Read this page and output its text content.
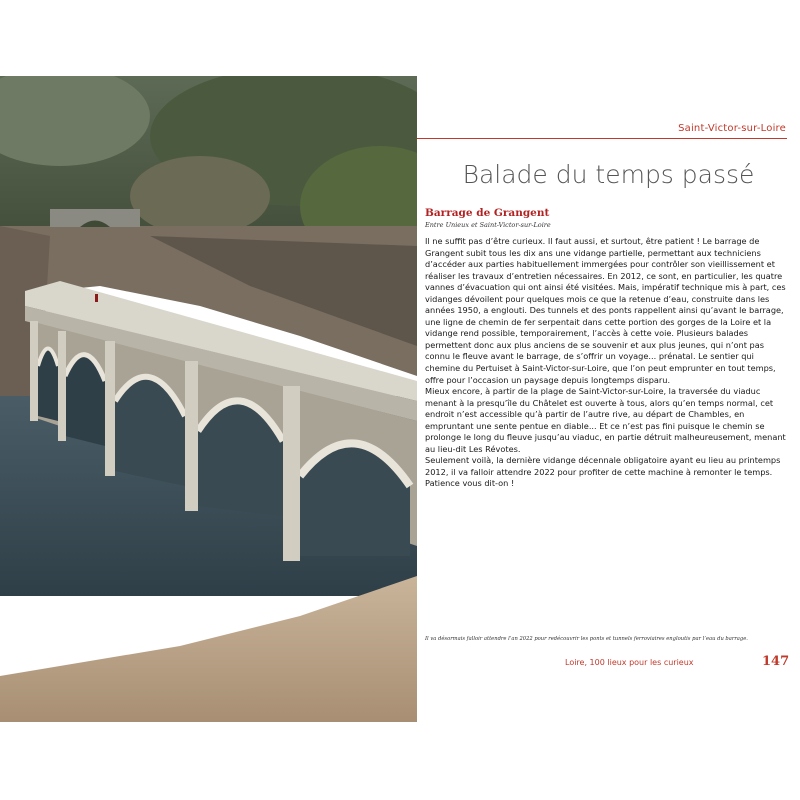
Saint-Victor-sur-Loire
Balade du temps passé
Barrage de Grangent
Entre Unieux et Saint-Victor-sur-Loire

Il ne suffit pas d’être curieux. Il faut aussi, et surtout, être patient ! Le barrage de Grangent subit tous les dix ans une vidange partielle, permettant aux techniciens d’accéder aux parties habituellement immergées pour contrôler son vieillissement et réaliser les travaux d’entretien nécessaires. En 2012, ce sont, en particulier, les quatre vannes d’évacuation qui ont ainsi été visitées. Mais, impératif technique mis à part, ces vidanges dévoilent pour quelques mois ce que la retenue d’eau, construite dans les années 1950, a englouti. Des tunnels et des ponts rappellent ainsi qu’avant le barrage, une ligne de chemin de fer serpentait dans cette portion des gorges de la Loire et la vidange rend possible, temporairement, l’accès à cette voie. Plusieurs balades permettent donc aux plus anciens de se souvenir et aux plus jeunes, qui n’ont pas connu le fleuve avant le barrage, de s’offrir un voyage... prénatal. Le sentier qui chemine du Pertuiset à Saint-Victor-sur-Loire, que l’on peut emprunter en tout temps, offre pour l’occasion un paysage depuis longtemps disparu.

Mieux encore, à partir de la plage de Saint-Victor-sur-Loire, la traversée du viaduc menant à la presqu’île du Châtelet est ouverte à tous, alors qu’en temps normal, cet endroit n’est accessible qu’à partir de l’autre rive, au départ de Chambles, en empruntant une sente pentue en diable... Et ce n’est pas fini puisque le chemin se prolonge le long du fleuve jusqu’au viaduc, en partie détruit malheureusement, menant au lieu-dit Les Révotes.

Seulement voilà, la dernière vidange décennale obligatoire ayant eu lieu au printemps 2012, il va falloir attendre 2022 pour profiter de cette machine à remonter le temps. Patience vous dit-on !

Il va désormais falloir attendre l’an 2022 pour redécouvrir les ponts et tunnels ferroviaires engloutis par l’eau du barrage.
Loire, 100 lieux pour les curieux	147
